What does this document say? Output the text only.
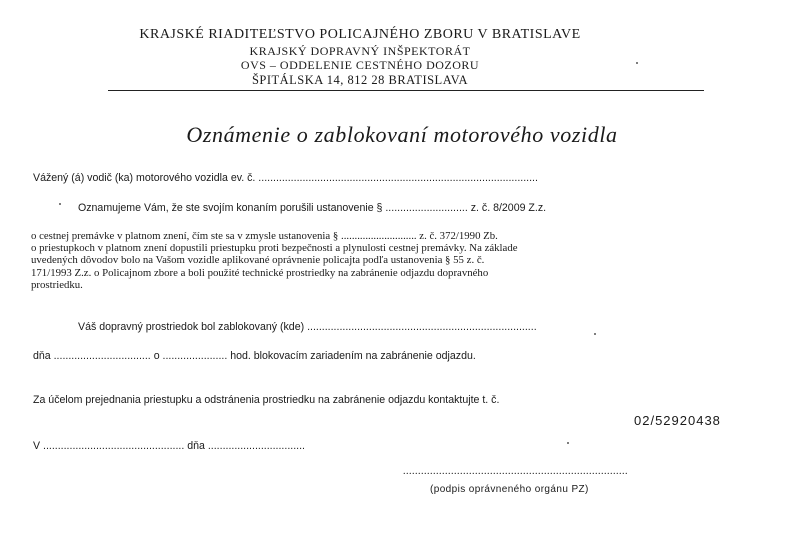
KRAJSKÉ RIADITEĽSTVO POLICAJNÉHO ZBORU V BRATISLAVE
KRAJSKÝ DOPRAVNÝ INŠPEKTORÁT
OVS – ODDELENIE CESTNÉHO DOZORU
ŠPITÁLSKA 14, 812 28 BRATISLAVA
Oznámenie o zablokovaní motorového vozidla
Vážený (á) vodič (ka) motorového vozidla ev. č. ...............................................................................................
Oznamujeme Vám, že ste svojím konaním porušili ustanovenie § ............................ z. č. 8/2009 Z.z.
o cestnej premávke v platnom znení, čím ste sa v zmysle ustanovenia § ............................ z. č. 372/1990 Zb.
o priestupkoch v platnom znení dopustili priestupku proti bezpečnosti a plynulosti cestnej premávky. Na základe
uvedených dôvodov bolo na Vašom vozidle aplikované oprávnenie policajta podľa ustanovenia § 55 z. č.
171/1993 Z.z. o Policajnom zbore a boli použité technické prostriedky na zabránenie odjazdu dopravného
prostriedku.
Váš dopravný prostriedok bol zablokovaný (kde) ..............................................................................
dňa ................................. o ...................... hod. blokovacím zariadením na zabránenie odjazdu.
Za účelom prejednania priestupku a odstránenia prostriedku na zabránenie odjazdu kontaktujte t. č.
02/52920438
V ................................................ dňa .................................
...........................................................................
(podpis oprávneného orgánu PZ)
